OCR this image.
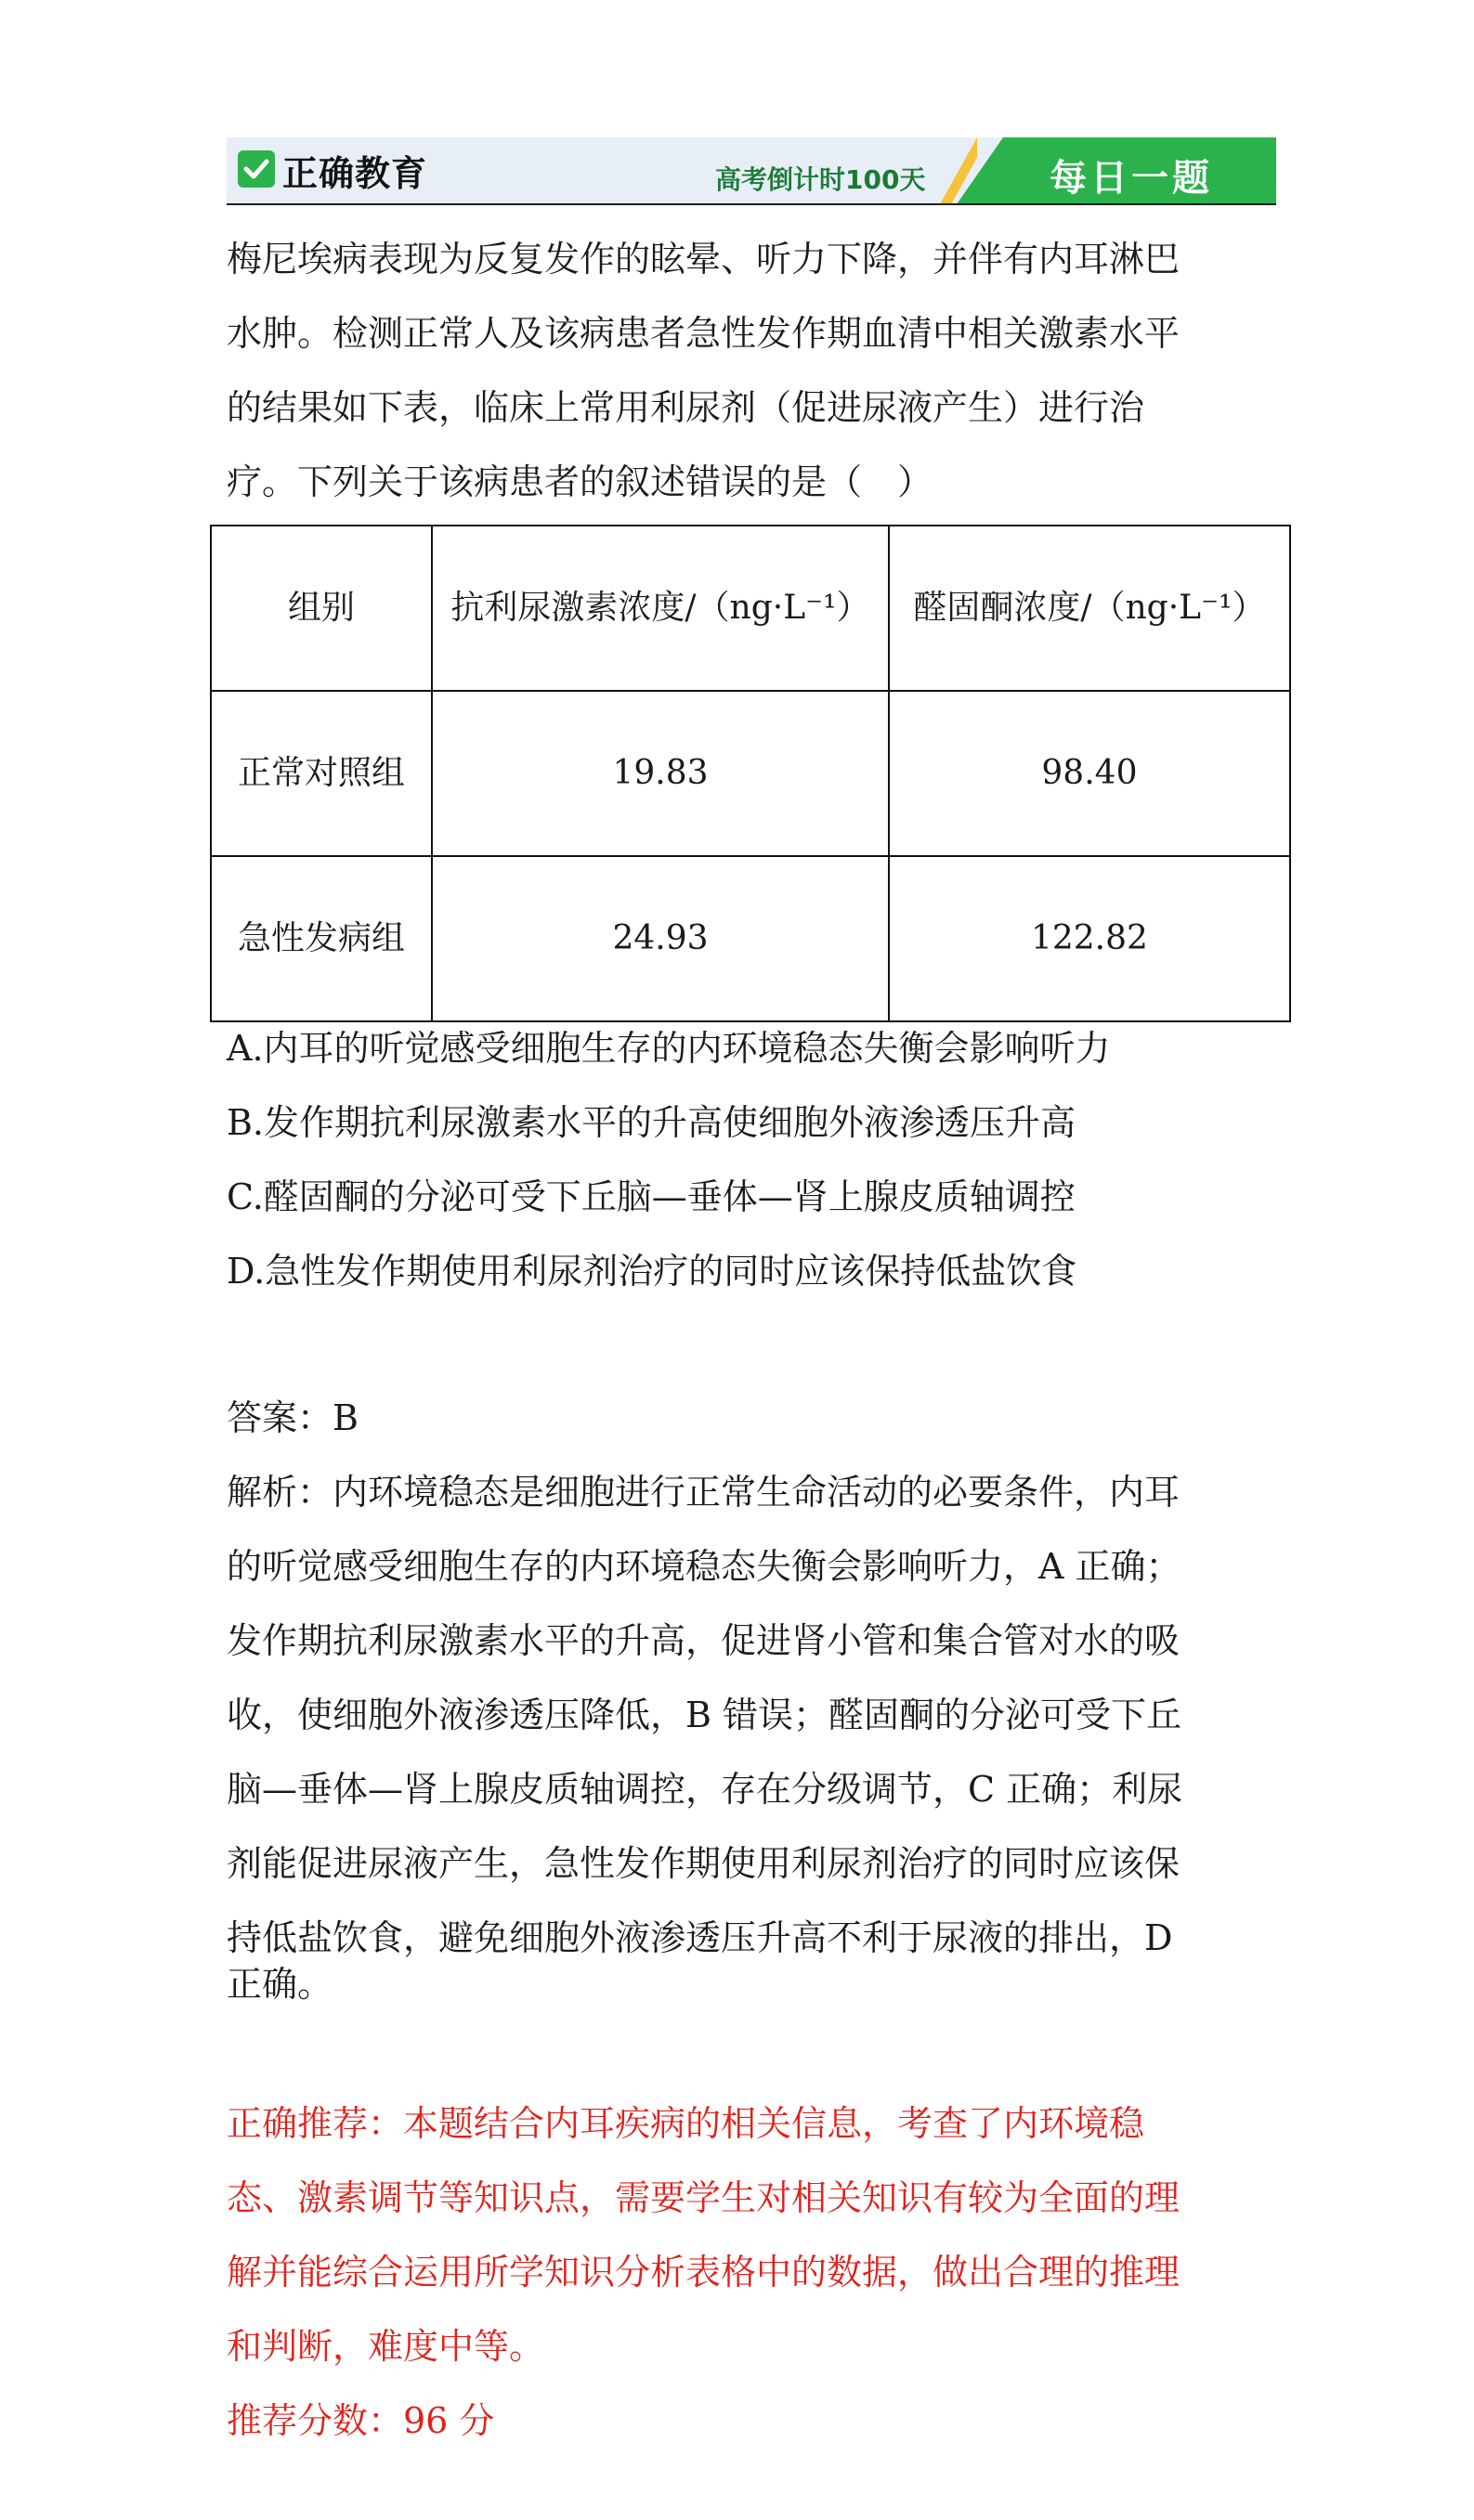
正确教育	高考倒计时100天	每日一题
梅尼埃病表现为反复发作的眩晕、听力下降，并伴有内耳淋巴
水肿。检测正常人及该病患者急性发作期血清中相关激素水平
的结果如下表，临床上常用利尿剂（促进尿液产生）进行治
疗。下列关于该病患者的叙述错误的是（　）
组别	抗利尿激素浓度/（ng·L⁻¹）	醛固酮浓度/（ng·L⁻¹）
正常对照组	19.83	98.40
急性发病组	24.93	122.82
A.内耳的听觉感受细胞生存的内环境稳态失衡会影响听力
B.发作期抗利尿激素水平的升高使细胞外液渗透压升高
C.醛固酮的分泌可受下丘脑—垂体—肾上腺皮质轴调控
D.急性发作期使用利尿剂治疗的同时应该保持低盐饮食
答案：B
解析：内环境稳态是细胞进行正常生命活动的必要条件，内耳
的听觉感受细胞生存的内环境稳态失衡会影响听力，A 正确；
发作期抗利尿激素水平的升高，促进肾小管和集合管对水的吸
收，使细胞外液渗透压降低，B 错误；醛固酮的分泌可受下丘
脑—垂体—肾上腺皮质轴调控，存在分级调节，C 正确；利尿
剂能促进尿液产生，急性发作期使用利尿剂治疗的同时应该保
持低盐饮食，避免细胞外液渗透压升高不利于尿液的排出，D
正确。
正确推荐：本题结合内耳疾病的相关信息，考查了内环境稳
态、激素调节等知识点，需要学生对相关知识有较为全面的理
解并能综合运用所学知识分析表格中的数据，做出合理的推理
和判断，难度中等。
推荐分数：96 分
